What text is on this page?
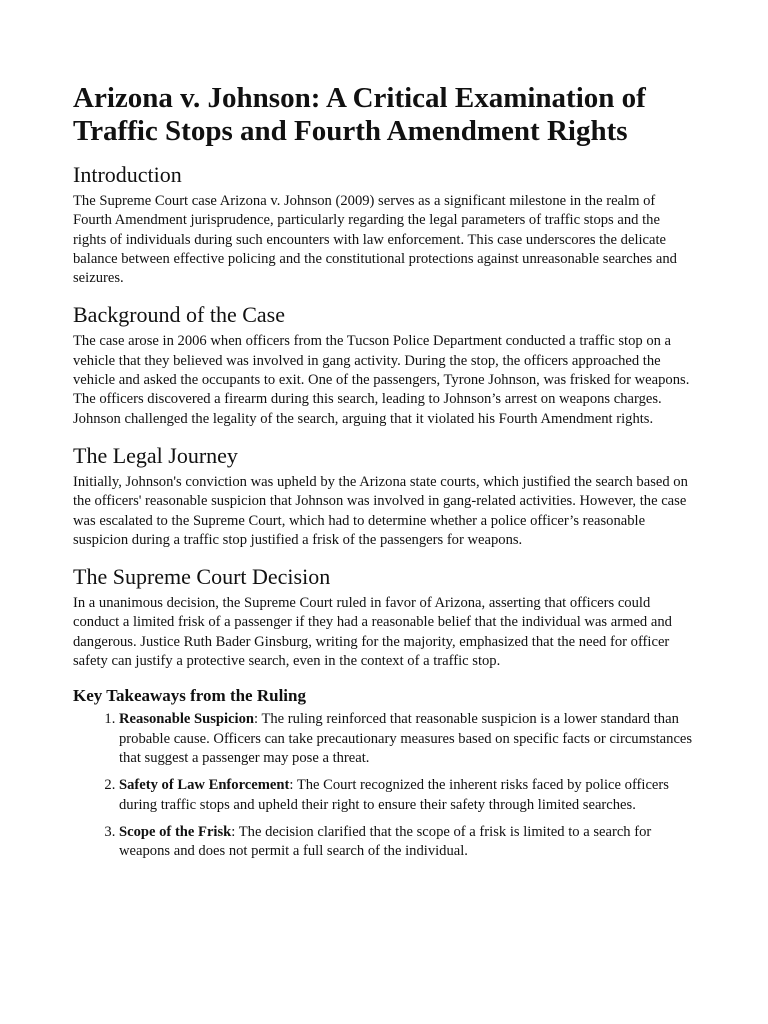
Arizona v. Johnson: A Critical Examination of Traffic Stops and Fourth Amendment Rights
Introduction

The Supreme Court case Arizona v. Johnson (2009) serves as a significant milestone in the realm of Fourth Amendment jurisprudence, particularly regarding the legal parameters of traffic stops and the rights of individuals during such encounters with law enforcement. This case underscores the delicate balance between effective policing and the constitutional protections against unreasonable searches and seizures.

Background of the Case

The case arose in 2006 when officers from the Tucson Police Department conducted a traffic stop on a vehicle that they believed was involved in gang activity. During the stop, the officers approached the vehicle and asked the occupants to exit. One of the passengers, Tyrone Johnson, was frisked for weapons. The officers discovered a firearm during this search, leading to Johnson’s arrest on weapons charges. Johnson challenged the legality of the search, arguing that it violated his Fourth Amendment rights.

The Legal Journey

Initially, Johnson's conviction was upheld by the Arizona state courts, which justified the search based on the officers' reasonable suspicion that Johnson was involved in gang-related activities. However, the case was escalated to the Supreme Court, which had to determine whether a police officer’s reasonable suspicion during a traffic stop justified a frisk of the passengers for weapons.

The Supreme Court Decision

In a unanimous decision, the Supreme Court ruled in favor of Arizona, asserting that officers could conduct a limited frisk of a passenger if they had a reasonable belief that the individual was armed and dangerous. Justice Ruth Bader Ginsburg, writing for the majority, emphasized that the need for officer safety can justify a protective search, even in the context of a traffic stop.

Key Takeaways from the Ruling
1. Reasonable Suspicion: The ruling reinforced that reasonable suspicion is a lower standard than probable cause. Officers can take precautionary measures based on specific facts or circumstances that suggest a passenger may pose a threat.
2. Safety of Law Enforcement: The Court recognized the inherent risks faced by police officers during traffic stops and upheld their right to ensure their safety through limited searches.
3. Scope of the Frisk: The decision clarified that the scope of a frisk is limited to a search for weapons and does not permit a full search of the individual.
